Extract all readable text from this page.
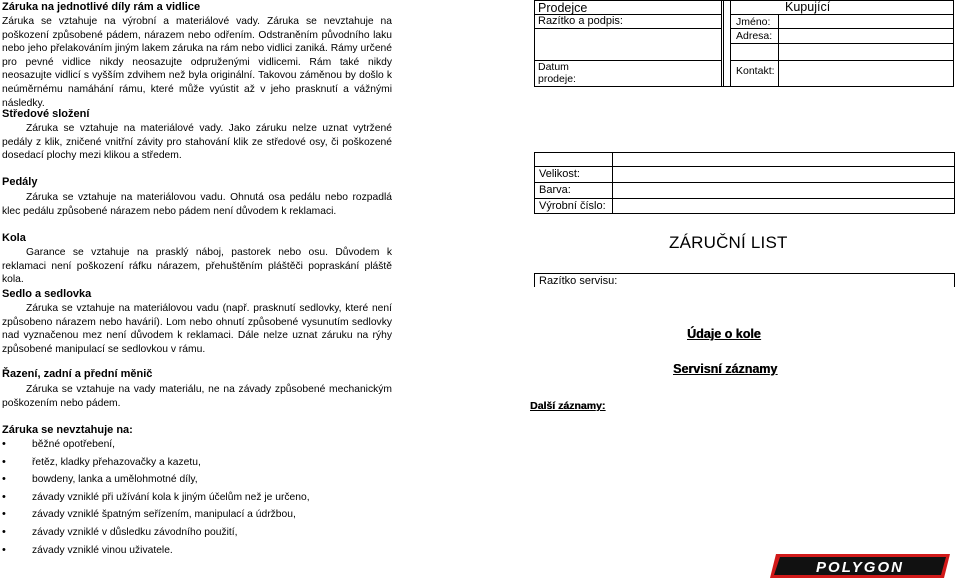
Záruka na jednotlivé díly rám a vidlice
Záruka se vztahuje na výrobní a materiálové vady. Záruka se nevztahuje na poškození způsobené pádem, nárazem nebo odřením. Odstraněním původního laku nebo jeho přelakováním jiným lakem záruka na rám nebo vidlici zaniká. Rámy určené pro pevné vidlice nikdy neosazujte odpruženými vidlicemi. Rám také nikdy neosazujte vidlicí s vyšším zdvihem než byla originální. Takovou záměnou by došlo k neúměrnému namáhání rámu, které může vyústit až v jeho prasknutí a vážnými následky.
Středové složení
Záruka se vztahuje na materiálové vady. Jako záruku nelze uznat vytržené pedály z klik, zničené vnitřní závity pro stahování klik ze středové osy, či poškozené dosedací plochy mezi klikou a středem.
Pedály
Záruka se vztahuje na materiálovou vadu. Ohnutá osa pedálu nebo rozpadlá klec pedálu způsobené nárazem nebo pádem není důvodem k reklamaci.
Kola
Garance se vztahuje na prasklý náboj, pastorek nebo osu. Důvodem k reklamaci není poškození ráfku nárazem, přehuštěním pláštěči popraskání pláště kola.
Sedlo a sedlovka
Záruka se vztahuje na materiálovou vadu (např. prasknutí sedlovky, které není způsobeno nárazem nebo havárií). Lom nebo ohnutí způsobené vysunutím sedlovky nad vyznačenou mez není důvodem k reklamaci. Dále nelze uznat záruku na rýhy způsobené manipulací se sedlovkou v rámu.
Řazení, zadní a přední měnič
Záruka se vztahuje na vady materiálu, ne na závady způsobené mechanickým poškozením nebo pádem.
Záruka se nevztahuje na:
• běžné opotřebení,
• řetěz, kladky přehazovačky a kazetu,
• bowdeny, lanka a umělohmotné díly,
• závady vzniklé při užívání kola k jiným účelům než je určeno,
• závady vzniklé špatným seřízením, manipulací a údržbou,
• závady vzniklé v důsledku závodního použití,
• závady vzniklé vinou uživatele.
Prodejce
Razítko a podpis:
Datum prodeje:
Kupující
Jméno:
Adresa:
Kontakt:
Velikost:
Barva:
Výrobní číslo:
ZÁRUČNÍ LIST
Razítko servisu:
Údaje o kole
Servisní záznamy
Další záznamy:
POLYGON
